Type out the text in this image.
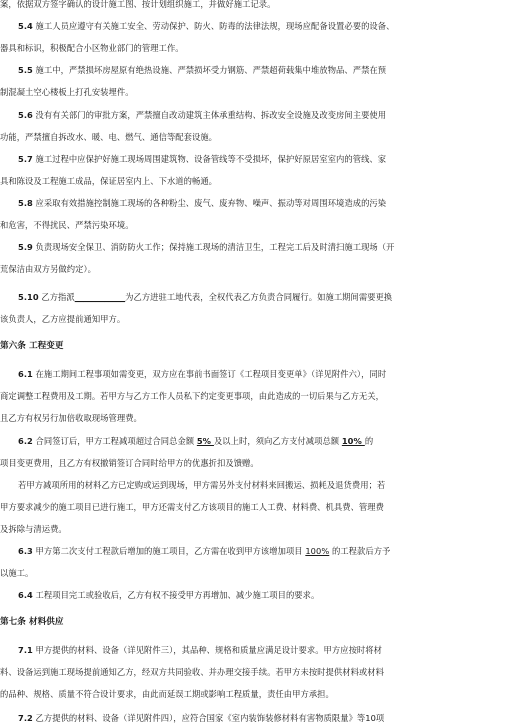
案，依据双方签字确认的设计施工图、按计划组织施工，并做好施工记录。
5.4 施工人员应遵守有关施工安全、劳动保护、防火、防毒的法律法规，现场应配备设置必要的设备、
器具和标识，积极配合小区物业部门的管理工作。
5.5 施工中，严禁损坏房屋原有绝热设施、严禁损坏受力钢筋、严禁超荷载集中堆放物品、严禁在预
制混凝土空心楼板上打孔安装埋件。
5.6 没有有关部门的审批方案，严禁擅自改动建筑主体承重结构、拆改安全设施及改变房间主要使用
功能，严禁擅自拆改水、暖、电、燃气、通信等配套设施。
5.7 施工过程中应保护好施工现场周围建筑物、设备管线等不受损坏，保护好原居室室内的管线、家
具和陈设及工程施工成品，保证居室内上、下水道的畅通。
5.8 应采取有效措施控制施工现场的各种粉尘、废气、废弃物、噪声、振动等对周围环境造成的污染
和危害，不得扰民、严禁污染环境。
5.9 负责现场安全保卫、消防防火工作；保持施工现场的清洁卫生，工程完工后及时清扫施工现场（开
荒保洁由双方另做约定）。
5.10 乙方指派____________为乙方进驻工地代表，全权代表乙方负责合同履行。如施工期间需要更换
该负责人，乙方应提前通知甲方。
第六条 工程变更
6.1 在施工期间工程事项如需变更，双方应在事前书面签订《工程项目变更单》（详见附件六），同时
商定调整工程费用及工期。若甲方与乙方工作人员私下约定变更事项，由此造成的一切后果与乙方无关，
且乙方有权另行加倍收取现场管理费。
6.2 合同签订后，甲方工程减项超过合同总金额 5% 及以上时，须向乙方支付减项总额 10% 的
项目变更费用，且乙方有权撤销签订合同时给甲方的优惠折扣及馈赠。
若甲方减项所用的材料乙方已定购或运到现场，甲方需另外支付材料来回搬运、损耗及退货费用；若
甲方要求减少的施工项目已进行施工，甲方还需支付乙方该项目的施工人工费、材料费、机具费、管理费
及拆除与清运费。
6.3 甲方第二次支付工程款后增加的施工项目，乙方需在收到甲方该增加项目 100% 的工程款后方予
以施工。
6.4 工程项目完工或验收后，乙方有权不接受甲方再增加、减少施工项目的要求。
第七条 材料供应
7.1 甲方提供的材料、设备（详见附件三），其品种、规格和质量应满足设计要求。甲方应按时将材
料、设备运到施工现场提前通知乙方，经双方共同验收、并办理交接手续。若甲方未按时提供材料或材料
的品种、规格、质量不符合设计要求，由此而延误工期或影响工程质量，责任由甲方承担。
7.2 乙方提供的材料、设备（详见附件四），应符合国家《室内装饰装修材料有害物质限量》等10项
